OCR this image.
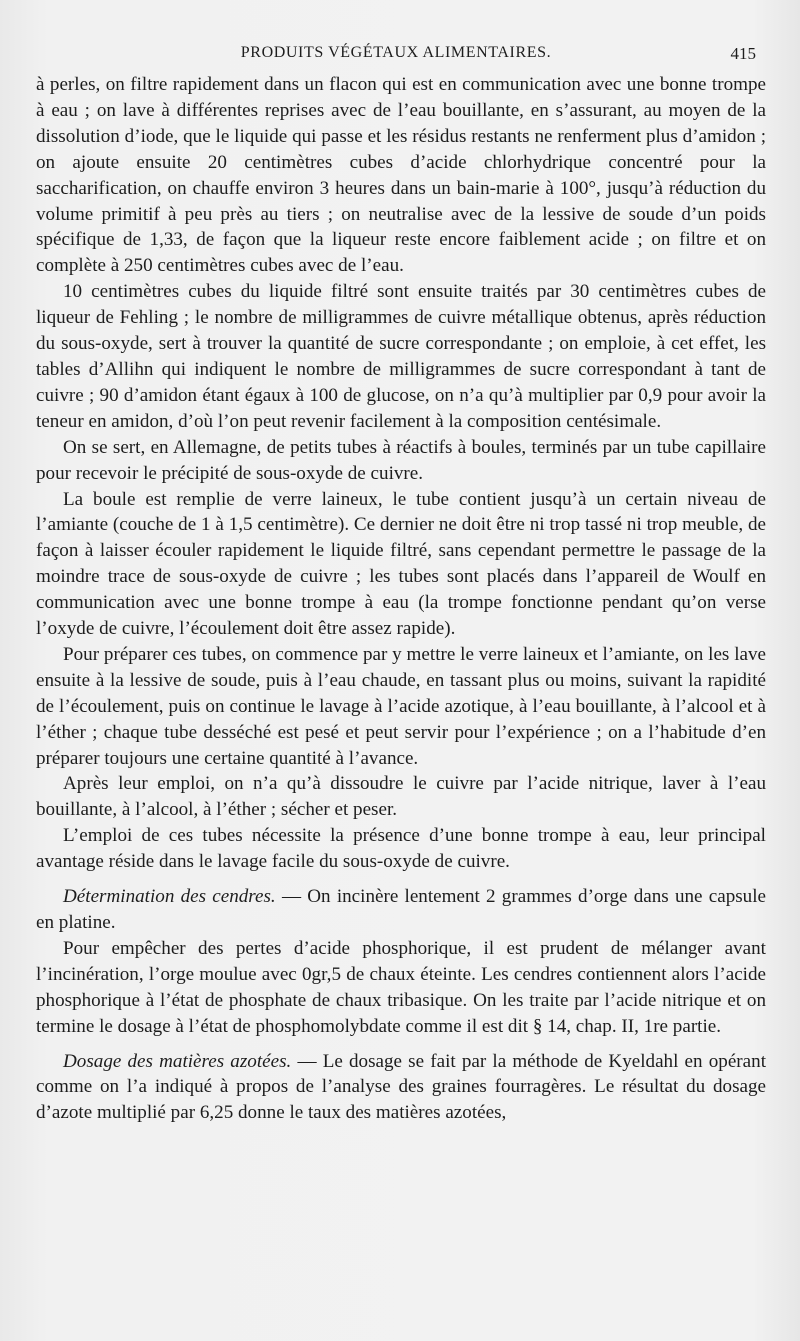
PRODUITS VÉGÉTAUX ALIMENTAIRES.	415

à perles, on filtre rapidement dans un flacon qui est en communication avec une bonne trompe à eau ; on lave à différentes reprises avec de l’eau bouillante, en s’assurant, au moyen de la dissolution d’iode, que le liquide qui passe et les résidus restants ne renferment plus d’amidon ; on ajoute ensuite 20 centimètres cubes d’acide chlorhydrique concentré pour la saccharification, on chauffe environ 3 heures dans un bain-marie à 100°, jusqu’à réduction du volume primitif à peu près au tiers ; on neutralise avec de la lessive de soude d’un poids spécifique de 1,33, de façon que la liqueur reste encore faiblement acide ; on filtre et on complète à 250 centimètres cubes avec de l’eau.

10 centimètres cubes du liquide filtré sont ensuite traités par 30 centimètres cubes de liqueur de Fehling ; le nombre de milligrammes de cuivre métallique obtenus, après réduction du sous-oxyde, sert à trouver la quantité de sucre correspondante ; on emploie, à cet effet, les tables d’Allihn qui indiquent le nombre de milligrammes de sucre correspondant à tant de cuivre ; 90 d’amidon étant égaux à 100 de glucose, on n’a qu’à multiplier par 0,9 pour avoir la teneur en amidon, d’où l’on peut revenir facilement à la composition centésimale.

On se sert, en Allemagne, de petits tubes à réactifs à boules, terminés par un tube capillaire pour recevoir le précipité de sous-oxyde de cuivre.

La boule est remplie de verre laineux, le tube contient jusqu’à un certain niveau de l’amiante (couche de 1 à 1,5 centimètre). Ce dernier ne doit être ni trop tassé ni trop meuble, de façon à laisser écouler rapidement le liquide filtré, sans cependant permettre le passage de la moindre trace de sous-oxyde de cuivre ; les tubes sont placés dans l’appareil de Woulf en communication avec une bonne trompe à eau (la trompe fonctionne pendant qu’on verse l’oxyde de cuivre, l’écoulement doit être assez rapide).

Pour préparer ces tubes, on commence par y mettre le verre laineux et l’amiante, on les lave ensuite à la lessive de soude, puis à l’eau chaude, en tassant plus ou moins, suivant la rapidité de l’écoulement, puis on continue le lavage à l’acide azotique, à l’eau bouillante, à l’alcool et à l’éther ; chaque tube desséché est pesé et peut servir pour l’expérience ; on a l’habitude d’en préparer toujours une certaine quantité à l’avance.

Après leur emploi, on n’a qu’à dissoudre le cuivre par l’acide nitrique, laver à l’eau bouillante, à l’alcool, à l’éther ; sécher et peser.

L’emploi de ces tubes nécessite la présence d’une bonne trompe à eau, leur principal avantage réside dans le lavage facile du sous-oxyde de cuivre.

Détermination des cendres. — On incinère lentement 2 grammes d’orge dans une capsule en platine.

Pour empêcher des pertes d’acide phosphorique, il est prudent de mélanger avant l’incinération, l’orge moulue avec 0gr,5 de chaux éteinte. Les cendres contiennent alors l’acide phosphorique à l’état de phosphate de chaux tribasique. On les traite par l’acide nitrique et on termine le dosage à l’état de phosphomolybdate comme il est dit § 14, chap. II, 1re partie.

Dosage des matières azotées. — Le dosage se fait par la méthode de Kyeldahl en opérant comme on l’a indiqué à propos de l’analyse des graines fourragères. Le résultat du dosage d’azote multiplié par 6,25 donne le taux des matières azotées,
